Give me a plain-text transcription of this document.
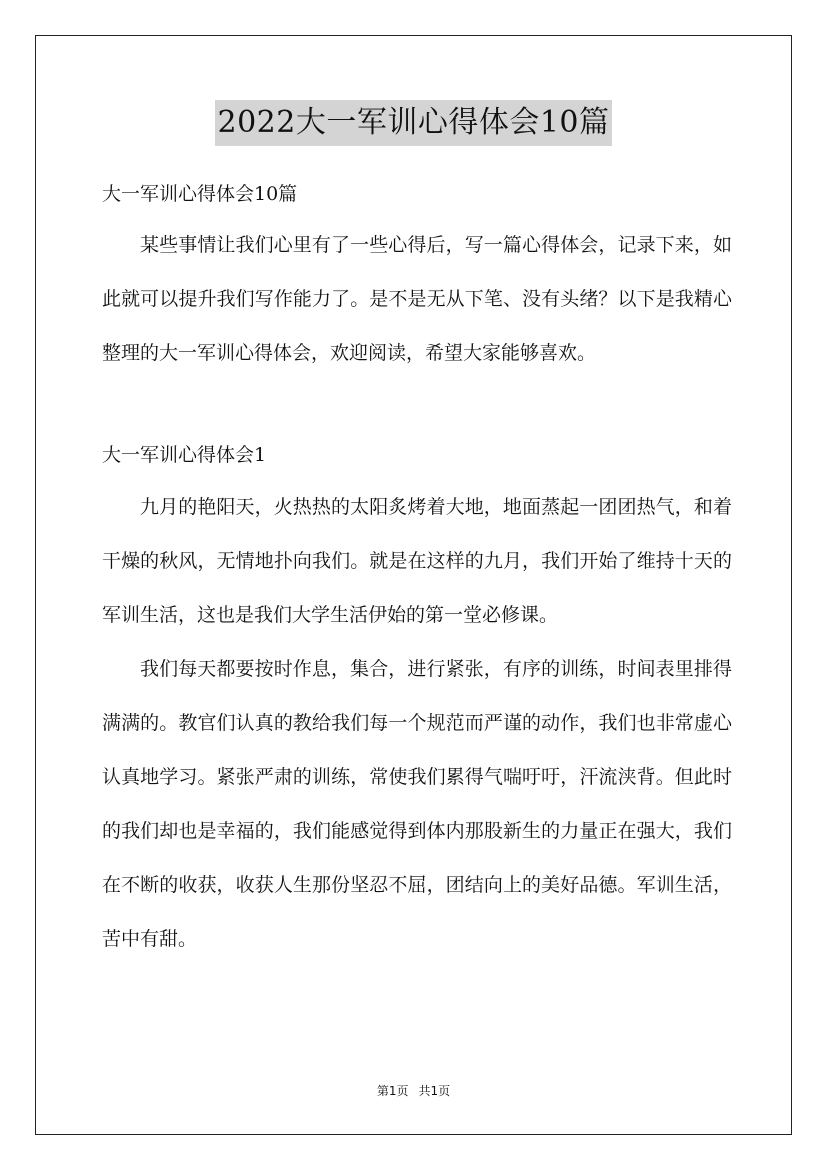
2022大一军训心得体会10篇

大一军训心得体会10篇

某些事情让我们心里有了一些心得后，写一篇心得体会，记录下来，如此就可以提升我们写作能力了。是不是无从下笔、没有头绪？以下是我精心整理的大一军训心得体会，欢迎阅读，希望大家能够喜欢。

大一军训心得体会1

九月的艳阳天，火热热的太阳炙烤着大地，地面蒸起一团团热气，和着干燥的秋风，无情地扑向我们。就是在这样的九月，我们开始了维持十天的军训生活，这也是我们大学生活伊始的第一堂必修课。

我们每天都要按时作息，集合，进行紧张，有序的训练，时间表里排得满满的。教官们认真的教给我们每一个规范而严谨的动作，我们也非常虚心认真地学习。紧张严肃的训练，常使我们累得气喘吁吁，汗流浃背。但此时的我们却也是幸福的，我们能感觉得到体内那股新生的力量正在强大，我们在不断的收获，收获人生那份坚忍不屈，团结向上的美好品德。军训生活，苦中有甜。

第1页 共1页
